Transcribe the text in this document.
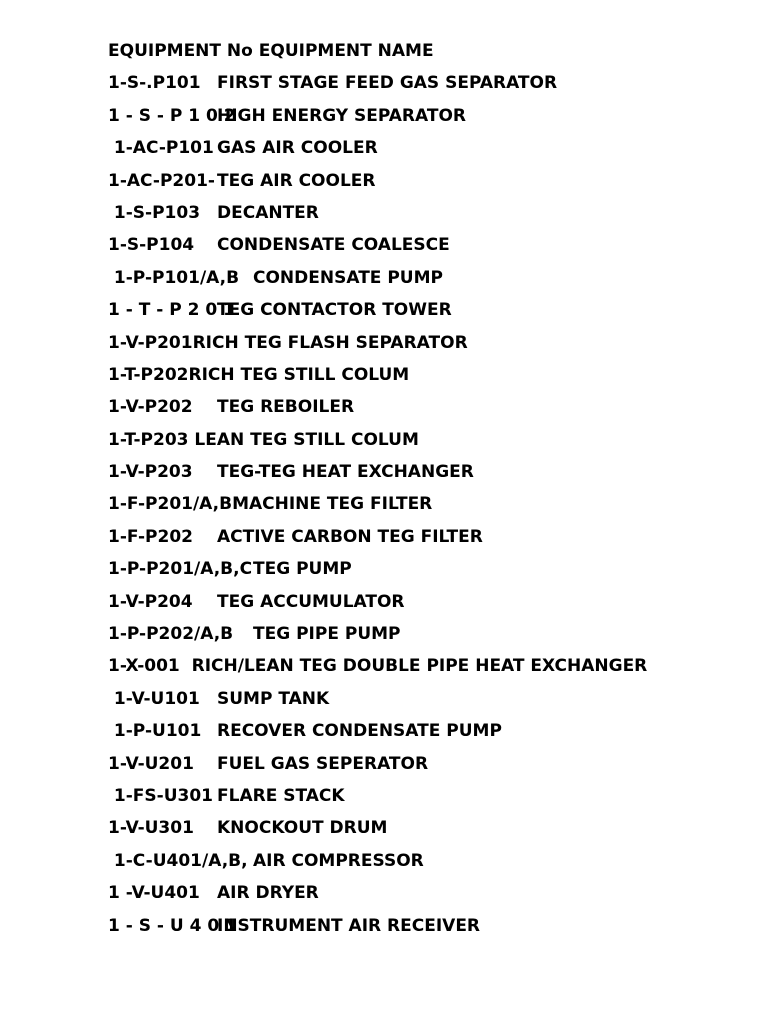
EQUIPMENT No EQUIPMENT NAME
1-S-.P101 FIRST STAGE FEED GAS SEPARATOR
1 - S - P 1 0 2
HIGH ENERGY SEPARATOR
1-AC-P101 GAS AIR COOLER
1-AC-P201- TEG AIR COOLER
1-S-P103 DECANTER
1-S-P104 CONDENSATE COALESCE
1-P-P101/A,B CONDENSATE PUMP
1 - T - P 2 0 1
TEG CONTACTOR TOWER
1-V-P201RICH TEG FLASH SEPARATOR
1-T-P202RICH TEG STILL COLUM
1-V-P202 TEG REBOILER
1-T-P203 LEAN TEG STILL COLUM
1-V-P203 TEG-TEG HEAT EXCHANGER
1-F-P201/A,BMACHINE TEG FILTER
1-F-P202 ACTIVE CARBON TEG FILTER
1-P-P201/A,B,C TEG PUMP
1-V-P204 TEG ACCUMULATOR
1-P-P202/A,B TEG PIPE PUMP
1-X-001  RICH/LEAN TEG DOUBLE PIPE HEAT EXCHANGER
1-V-U101 SUMP TANK
1-P-U101 RECOVER CONDENSATE PUMP
1-V-U201 FUEL GAS SEPERATOR
1-FS-U301 FLARE STACK
1-V-U301 KNOCKOUT DRUM
1-C-U401/A,B, AIR COMPRESSOR
1 -V-U401 AIR DRYER
1 - S - U 4 0 1
INSTRUMENT AIR RECEIVER
